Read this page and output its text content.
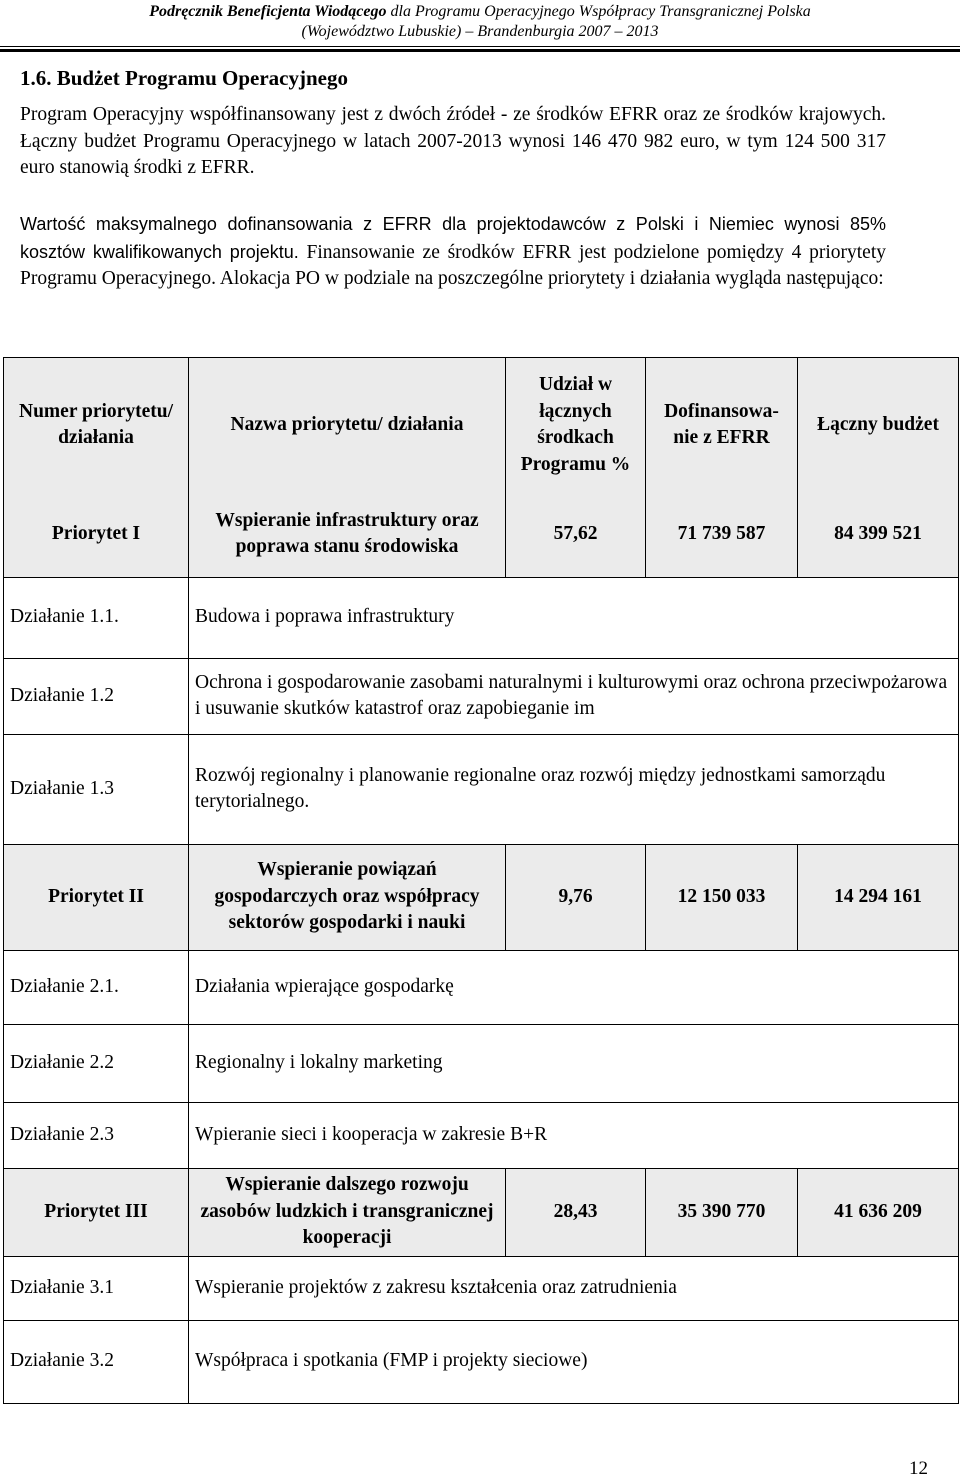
Podręcznik Beneficjenta Wiodącego dla Programu Operacyjnego Współpracy Transgranicznej Polska
(Województwo Lubuskie) – Brandenburgia 2007 – 2013
1.6. Budżet Programu Operacyjnego
Program Operacyjny współfinansowany jest z dwóch źródeł - ze środków EFRR oraz ze środków krajowych. Łączny budżet Programu Operacyjnego w latach 2007-2013 wynosi 146 470 982 euro, w tym 124 500 317 euro stanowią środki z EFRR.
Wartość maksymalnego dofinansowania z EFRR dla projektodawców z Polski i Niemiec wynosi 85% kosztów kwalifikowanych projektu. Finansowanie ze środków EFRR jest podzielone pomiędzy 4 priorytety Programu Operacyjnego. Alokacja PO w podziale na poszczególne priorytety i działania wygląda następująco:
Numer priorytetu/ działania	Nazwa priorytetu/ działania	Udział w łącznych środkach Programu %	Dofinansowa-nie z EFRR	Łączny budżet
Priorytet I	Wspieranie infrastruktury oraz poprawa stanu środowiska	57,62	71 739 587	84 399 521
Działanie 1.1.	Budowa i poprawa infrastruktury			
Działanie 1.2	Ochrona i gospodarowanie zasobami naturalnymi i kulturowymi oraz ochrona przeciwpożarowa i usuwanie skutków katastrof oraz zapobieganie im			
Działanie 1.3	Rozwój regionalny i planowanie regionalne oraz rozwój między jednostkami samorządu terytorialnego.			
Priorytet II	Wspieranie powiązań gospodarczych oraz współpracy sektorów gospodarki i nauki	9,76	12 150 033	14 294 161
Działanie 2.1.	Działania wpierające gospodarkę			
Działanie 2.2	Regionalny i lokalny marketing			
Działanie 2.3	Wpieranie sieci i kooperacja w zakresie B+R			
Priorytet III	Wspieranie dalszego rozwoju zasobów ludzkich i transgranicznej kooperacji	28,43	35 390 770	41 636 209
Działanie 3.1	Wspieranie projektów z zakresu kształcenia oraz zatrudnienia			
Działanie 3.2	Współpraca i spotkania (FMP i projekty sieciowe)			
12
